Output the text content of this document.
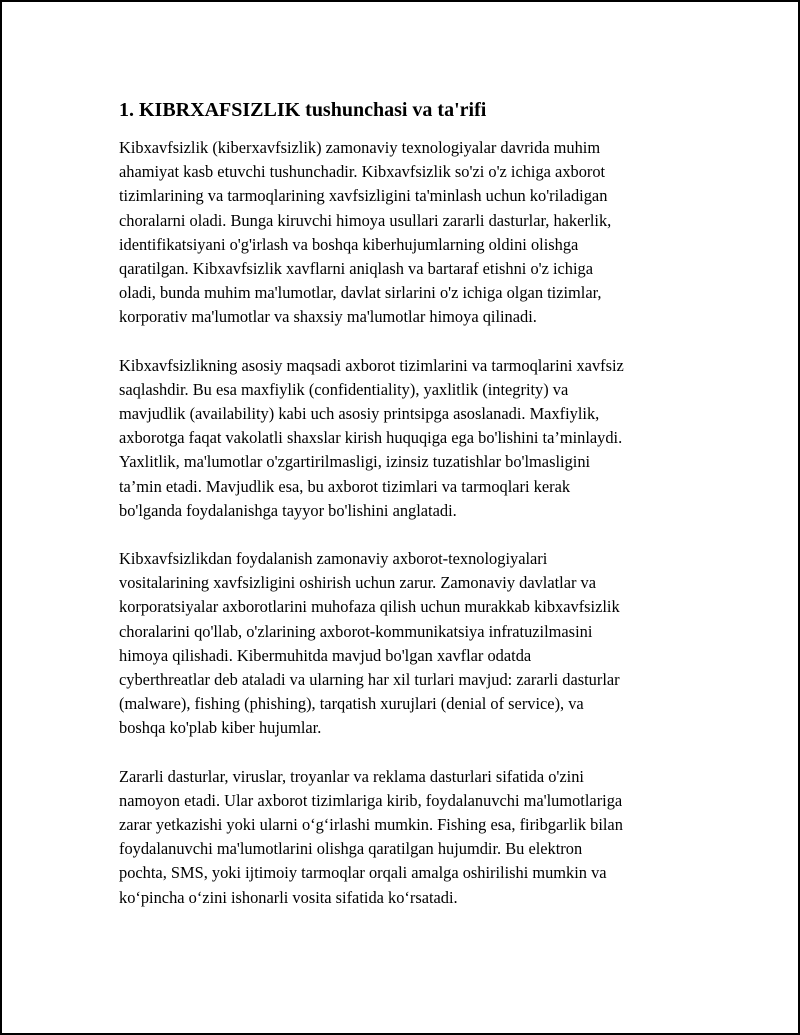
1. KIBRXAFSIZLIK tushunchasi va ta'rifi
Kibxavfsizlik (kiberxavfsizlik) zamonaviy texnologiyalar davrida muhim
ahamiyat kasb etuvchi tushunchadir. Kibxavfsizlik so'zi o'z ichiga axborot
tizimlarining va tarmoqlarining xavfsizligini ta'minlash uchun ko'riladigan
choralarni oladi. Bunga kiruvchi himoya usullari zararli dasturlar, hakerlik,
identifikatsiyani o'g'irlash va boshqa kiberhujumlarning oldini olishga
qaratilgan. Kibxavfsizlik xavflarni aniqlash va bartaraf etishni o'z ichiga
oladi, bunda muhim ma'lumotlar, davlat sirlarini o'z ichiga olgan tizimlar,
korporativ ma'lumotlar va shaxsiy ma'lumotlar himoya qilinadi.
Kibxavfsizlikning asosiy maqsadi axborot tizimlarini va tarmoqlarini xavfsiz
saqlashdir. Bu esa maxfiylik (confidentiality), yaxlitlik (integrity) va
mavjudlik (availability) kabi uch asosiy printsipga asoslanadi. Maxfiylik,
axborotga faqat vakolatli shaxslar kirish huquqiga ega bo'lishini ta’minlaydi.
Yaxlitlik, ma'lumotlar o'zgartirilmasligi, izinsiz tuzatishlar bo'lmasligini
ta’min etadi. Mavjudlik esa, bu axborot tizimlari va tarmoqlari kerak
bo'lganda foydalanishga tayyor bo'lishini anglatadi.
Kibxavfsizlikdan foydalanish zamonaviy axborot-texnologiyalari
vositalarining xavfsizligini oshirish uchun zarur. Zamonaviy davlatlar va
korporatsiyalar axborotlarini muhofaza qilish uchun murakkab kibxavfsizlik
choralarini qo'llab, o'zlarining axborot-kommunikatsiya infratuzilmasini
himoya qilishadi. Kibermuhitda mavjud bo'lgan xavflar odatda
cyberthreatlar deb ataladi va ularning har xil turlari mavjud: zararli dasturlar
(malware), fishing (phishing), tarqatish xurujlari (denial of service), va
boshqa ko'plab kiber hujumlar.
Zararli dasturlar, viruslar, troyanlar va reklama dasturlari sifatida o'zini
namoyon etadi. Ular axborot tizimlariga kirib, foydalanuvchi ma'lumotlariga
zarar yetkazishi yoki ularni o‘g‘irlashi mumkin. Fishing esa, firibgarlik bilan
foydalanuvchi ma'lumotlarini olishga qaratilgan hujumdir. Bu elektron
pochta, SMS, yoki ijtimoiy tarmoqlar orqali amalga oshirilishi mumkin va
ko‘pincha o‘zini ishonarli vosita sifatida ko‘rsatadi.
